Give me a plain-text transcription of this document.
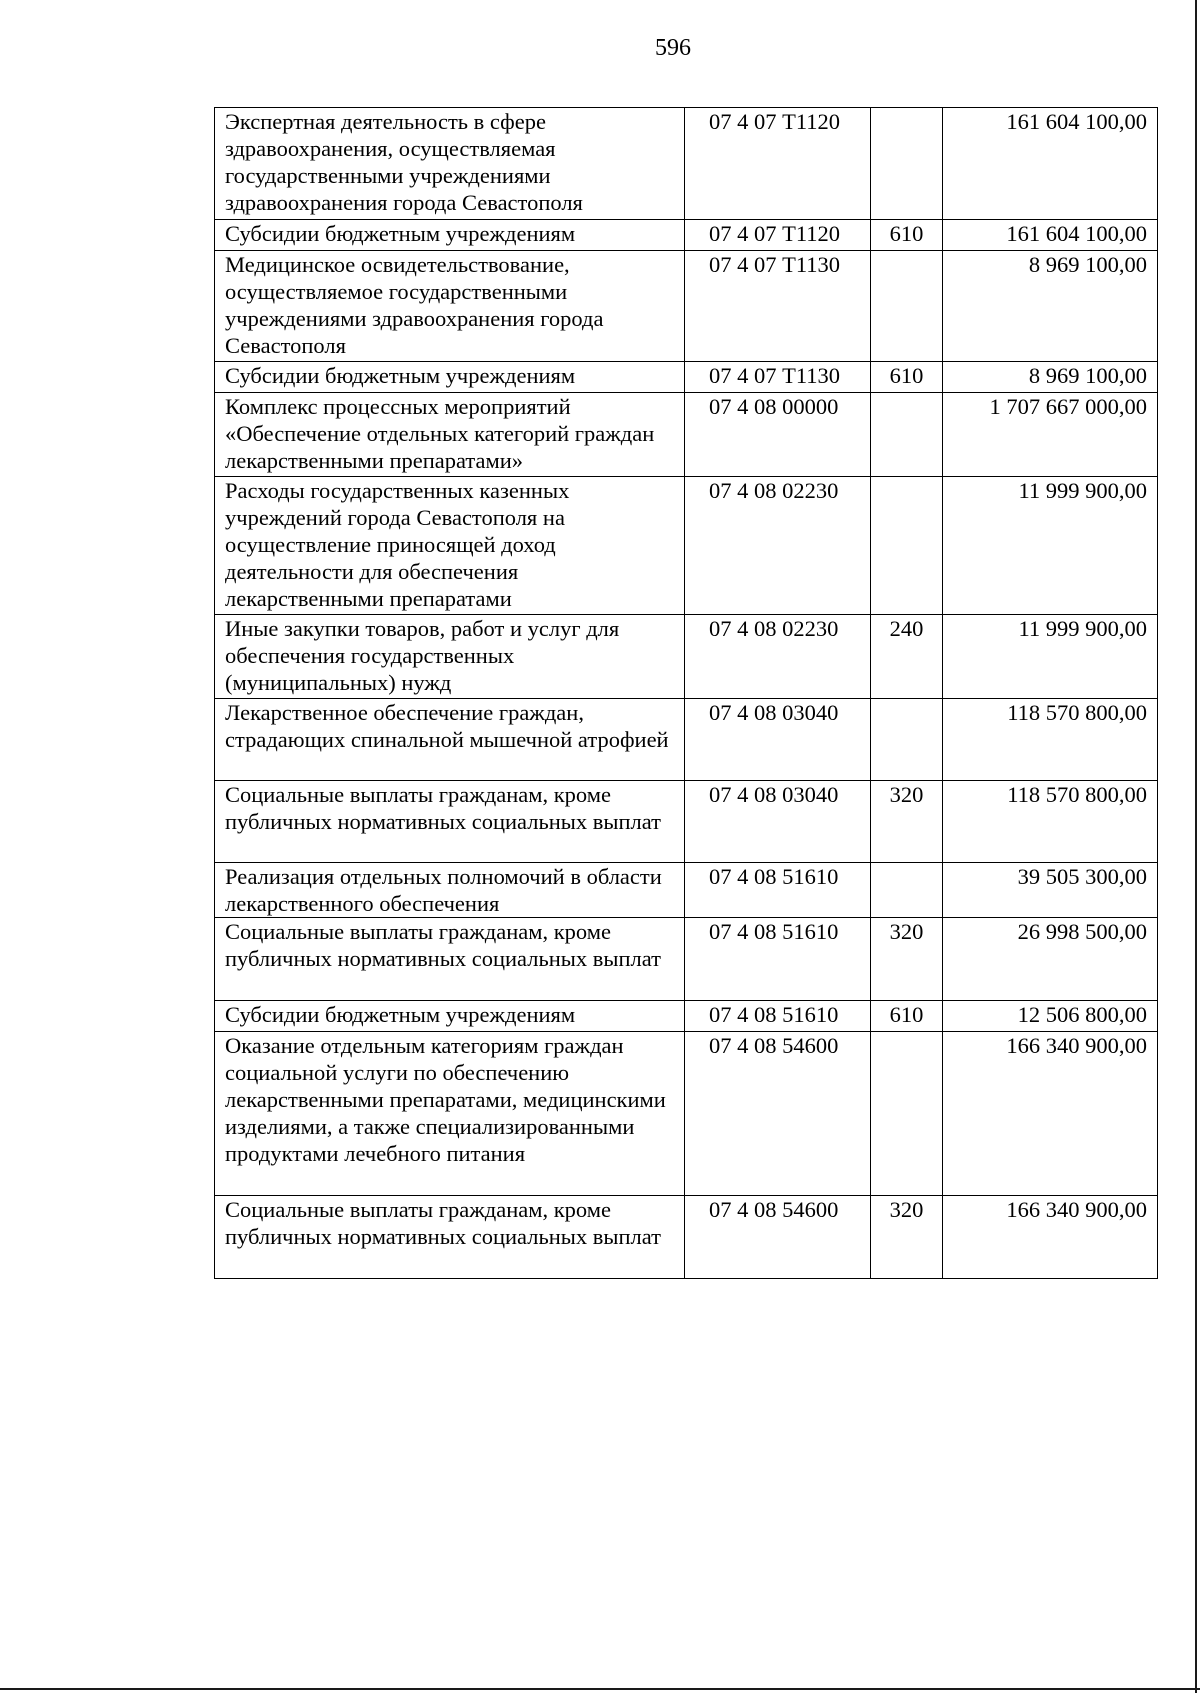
596
Экспертная деятельность в сфере здравоохранения, осуществляемая государственными учреждениями здравоохранения города Севастополя	07 4 07 Т1120		161 604 100,00
Субсидии бюджетным учреждениям	07 4 07 Т1120	610	161 604 100,00
Медицинское освидетельствование, осуществляемое государственными учреждениями здравоохранения города Севастополя	07 4 07 Т1130		8 969 100,00
Субсидии бюджетным учреждениям	07 4 07 Т1130	610	8 969 100,00
Комплекс процессных мероприятий «Обеспечение отдельных категорий граждан лекарственными препаратами»	07 4 08 00000		1 707 667 000,00
Расходы государственных казенных учреждений города Севастополя на осуществление приносящей доход деятельности для обеспечения лекарственными препаратами	07 4 08 02230		11 999 900,00
Иные закупки товаров, работ и услуг для обеспечения государственных (муниципальных) нужд	07 4 08 02230	240	11 999 900,00
Лекарственное обеспечение граждан, страдающих спинальной мышечной атрофией	07 4 08 03040		118 570 800,00
Социальные выплаты гражданам, кроме публичных нормативных социальных выплат	07 4 08 03040	320	118 570 800,00
Реализация отдельных полномочий в области лекарственного обеспечения	07 4 08 51610		39 505 300,00
Социальные выплаты гражданам, кроме публичных нормативных социальных выплат	07 4 08 51610	320	26 998 500,00
Субсидии бюджетным учреждениям	07 4 08 51610	610	12 506 800,00
Оказание отдельным категориям граждан социальной услуги по обеспечению лекарственными препаратами, медицинскими изделиями, а также специализированными продуктами лечебного питания	07 4 08 54600		166 340 900,00
Социальные выплаты гражданам, кроме публичных нормативных социальных выплат	07 4 08 54600	320	166 340 900,00
